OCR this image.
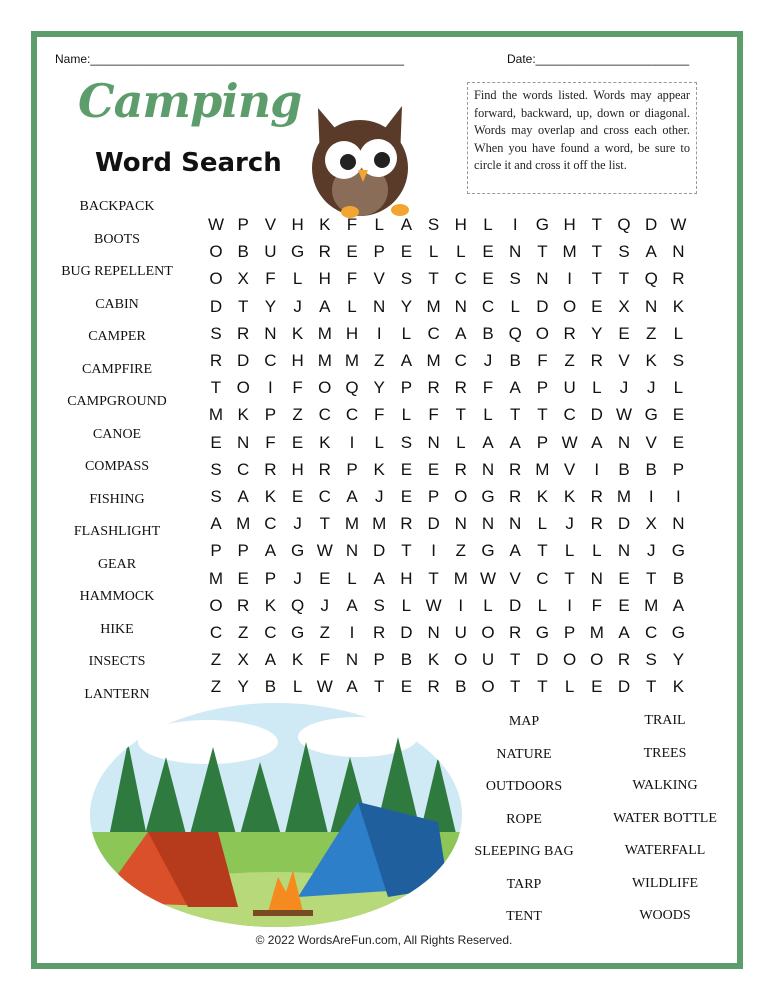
Name:_______________________________________________	Date:_______________________
Camping
Word Search
Find the words listed. Words may appear forward, backward, up, down or diagonal. Words may overlap and cross each other. When you have found a word, be sure to circle it and cross it off the list.
BACKPACK
BOOTS
BUG REPELLENT
CABIN
CAMPER
CAMPFIRE
CAMPGROUND
CANOE
COMPASS
FISHING
FLASHLIGHT
GEAR
HAMMOCK
HIKE
INSECTS
LANTERN
MAP
NATURE
OUTDOORS
ROPE
SLEEPING BAG
TARP
TENT
TRAIL
TREES
WALKING
WATER BOTTLE
WATERFALL
WILDLIFE
WOODS
W P V H K F	L A S H L	I	G H T Q D W
O B U G R E P E L	L E N T M T S A N
O X F	L H F V S T C E S N	I	T T Q R
D T Y	J	A L N Y M N C L D O E X N K
S R N K M H	I	L C A B Q O R Y E Z	L
R D C H M M Z A M C J	B F Z R V K S
T O	I	F O Q Y P R R F A P U L	J	J	L
M K P Z C C F	L	F T	L	T T C D W G E
E N F E K	I	L S N L A A P W A N V E
S C R H R P K E E R N R M V	I	B B P
S A K E C A	J	E P O G R K K R M	I	I
A M C J	T M M R D N N N L	J R D X N
P P A G W N D T	I	Z G A T	L	L N J G
M E P	J	E L A H T M W V C T N E T B
O R K Q J	A S L W I	L D L	I	F E M A
C Z C G Z	I	R D N U O R G P M A C G
Z X A K F N P B K O U T D O O R S Y
Z Y B L W A T E R B O T T	L E D T K
© 2022 WordsAreFun.com, All Rights Reserved.
